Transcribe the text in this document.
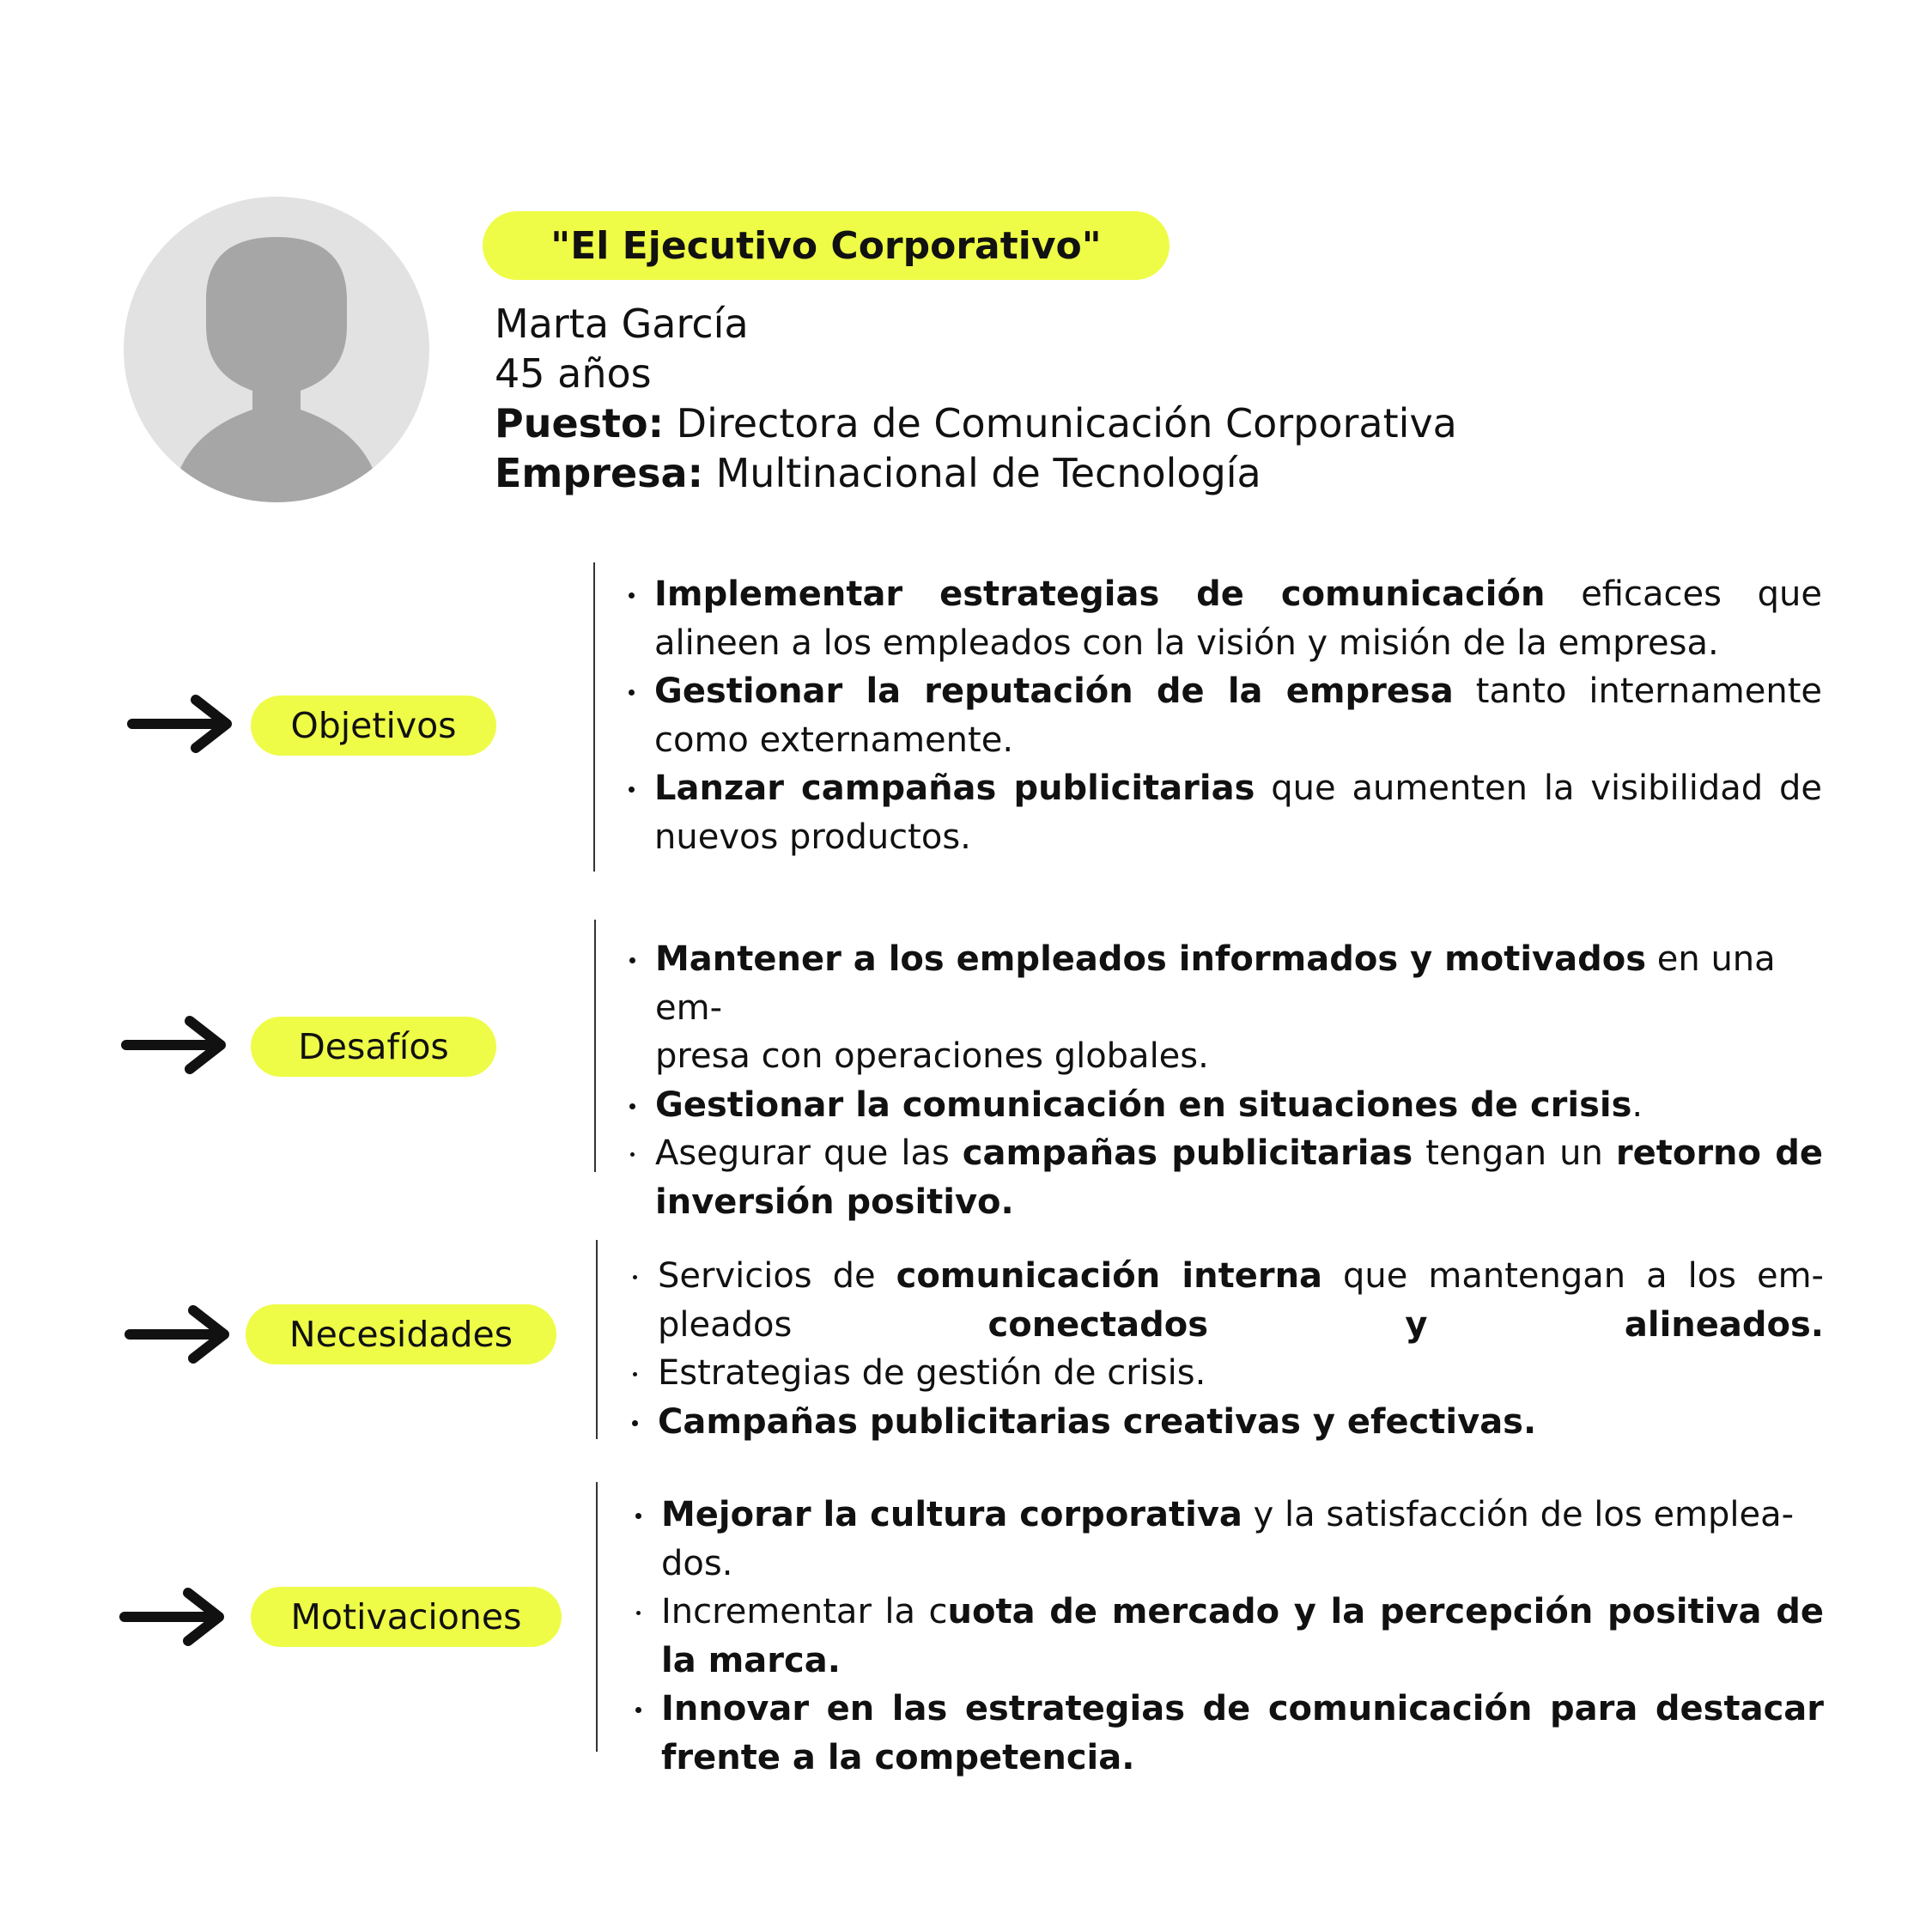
"El Ejecutivo Corporativo"
Marta García
45 años
Puesto: Directora de Comunicación Corporativa
Empresa: Multinacional de Tecnología
Objetivos
Implementar estrategias de comunicación eficaces que alineen a los empleados con la visión y misión de la empresa.
Gestionar la reputación de la empresa tanto internamente como externamente.
Lanzar campañas publicitarias que aumenten la visibilidad de nuevos productos.
Desafíos
Mantener a los empleados informados y motivados en una em-
presa con operaciones globales.
Gestionar la comunicación en situaciones de crisis.
Asegurar que las campañas publicitarias tengan un retorno de inversión positivo.
Necesidades
Servicios de comunicación interna que mantengan a los em-
pleados conectados y alineados.
Estrategias de gestión de crisis.
Campañas publicitarias creativas y efectivas.
Motivaciones
Mejorar la cultura corporativa y la satisfacción de los emplea-
dos.
Incrementar la cuota de mercado y la percepción positiva de la marca.
Innovar en las estrategias de comunicación para destacar frente a la competencia.
